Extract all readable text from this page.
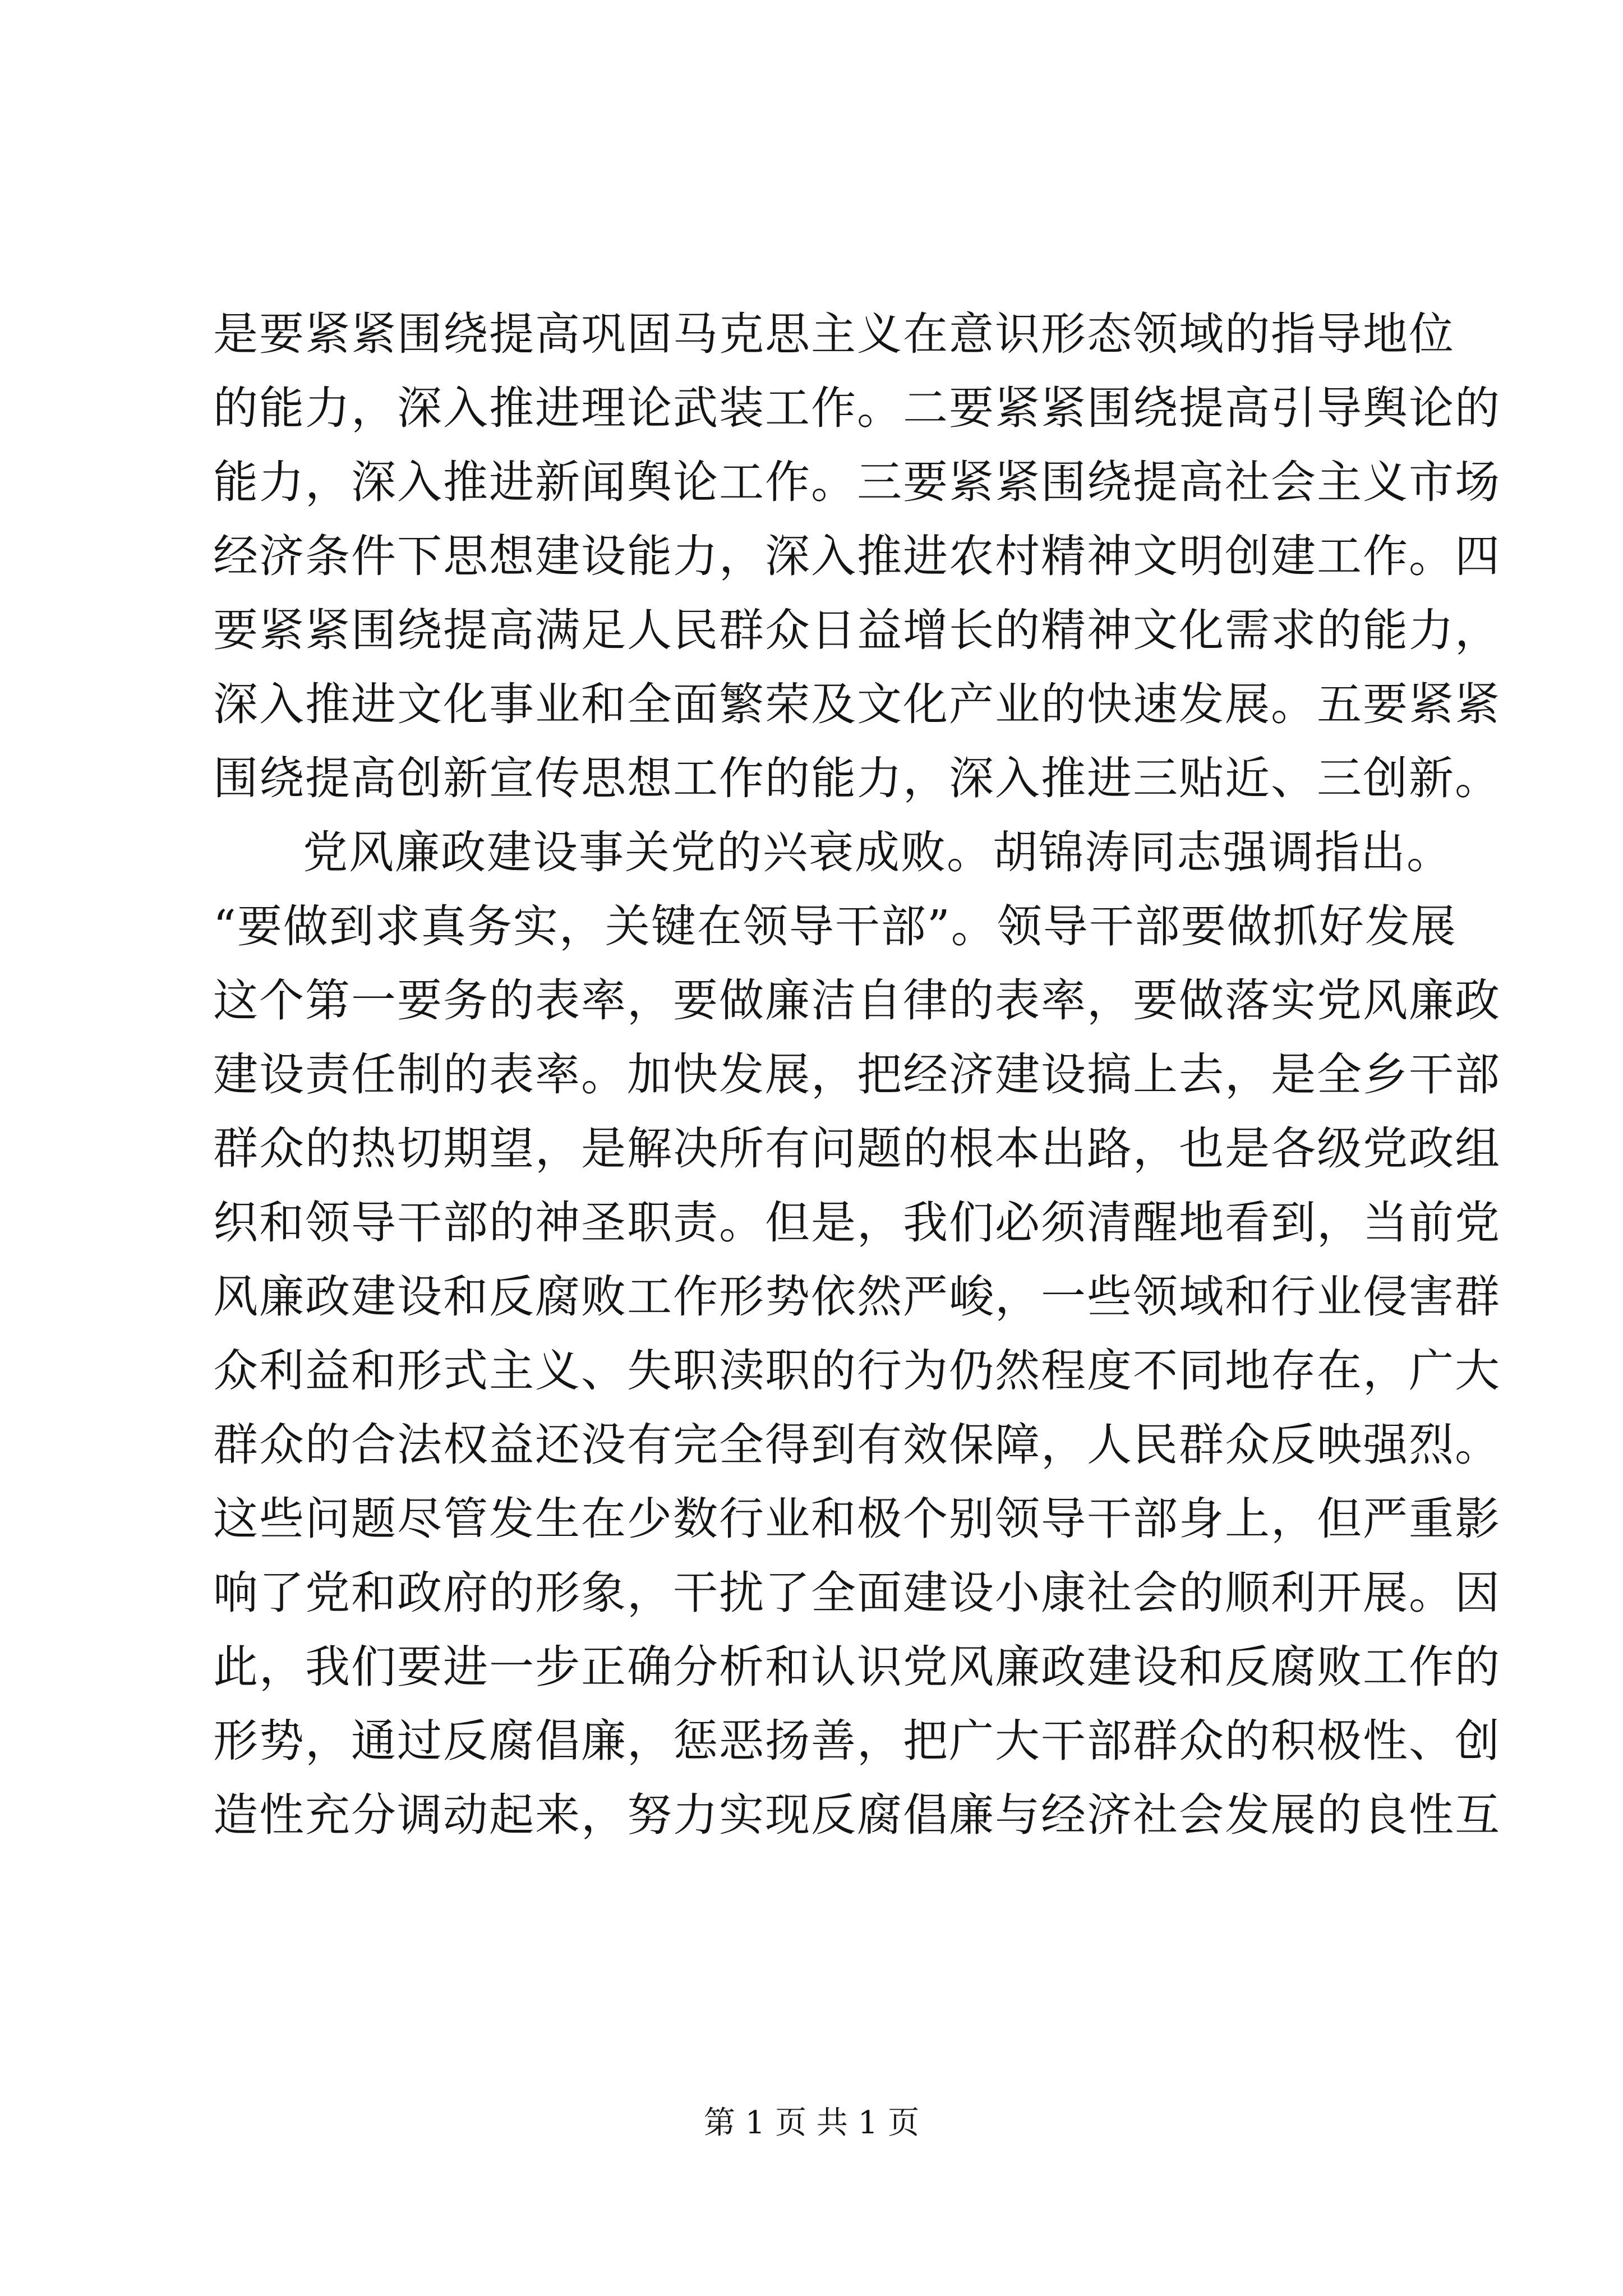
是要紧紧围绕提高巩固马克思主义在意识形态领域的指导地位
的能力，深入推进理论武装工作。二要紧紧围绕提高引导舆论的
能力，深入推进新闻舆论工作。三要紧紧围绕提高社会主义市场
经济条件下思想建设能力，深入推进农村精神文明创建工作。四
要紧紧围绕提高满足人民群众日益增长的精神文化需求的能力，
深入推进文化事业和全面繁荣及文化产业的快速发展。五要紧紧
围绕提高创新宣传思想工作的能力，深入推进三贴近、三创新。
党风廉政建设事关党的兴衰成败。胡锦涛同志强调指出。
“要做到求真务实，关键在领导干部”。领导干部要做抓好发展
这个第一要务的表率，要做廉洁自律的表率，要做落实党风廉政
建设责任制的表率。加快发展，把经济建设搞上去，是全乡干部
群众的热切期望，是解决所有问题的根本出路，也是各级党政组
织和领导干部的神圣职责。但是，我们必须清醒地看到，当前党
风廉政建设和反腐败工作形势依然严峻，一些领域和行业侵害群
众利益和形式主义、失职渎职的行为仍然程度不同地存在，广大
群众的合法权益还没有完全得到有效保障，人民群众反映强烈。
这些问题尽管发生在少数行业和极个别领导干部身上，但严重影
响了党和政府的形象，干扰了全面建设小康社会的顺利开展。因
此，我们要进一步正确分析和认识党风廉政建设和反腐败工作的
形势，通过反腐倡廉，惩恶扬善，把广大干部群众的积极性、创
造性充分调动起来，努力实现反腐倡廉与经济社会发展的良性互
第 1 页 共 1 页
